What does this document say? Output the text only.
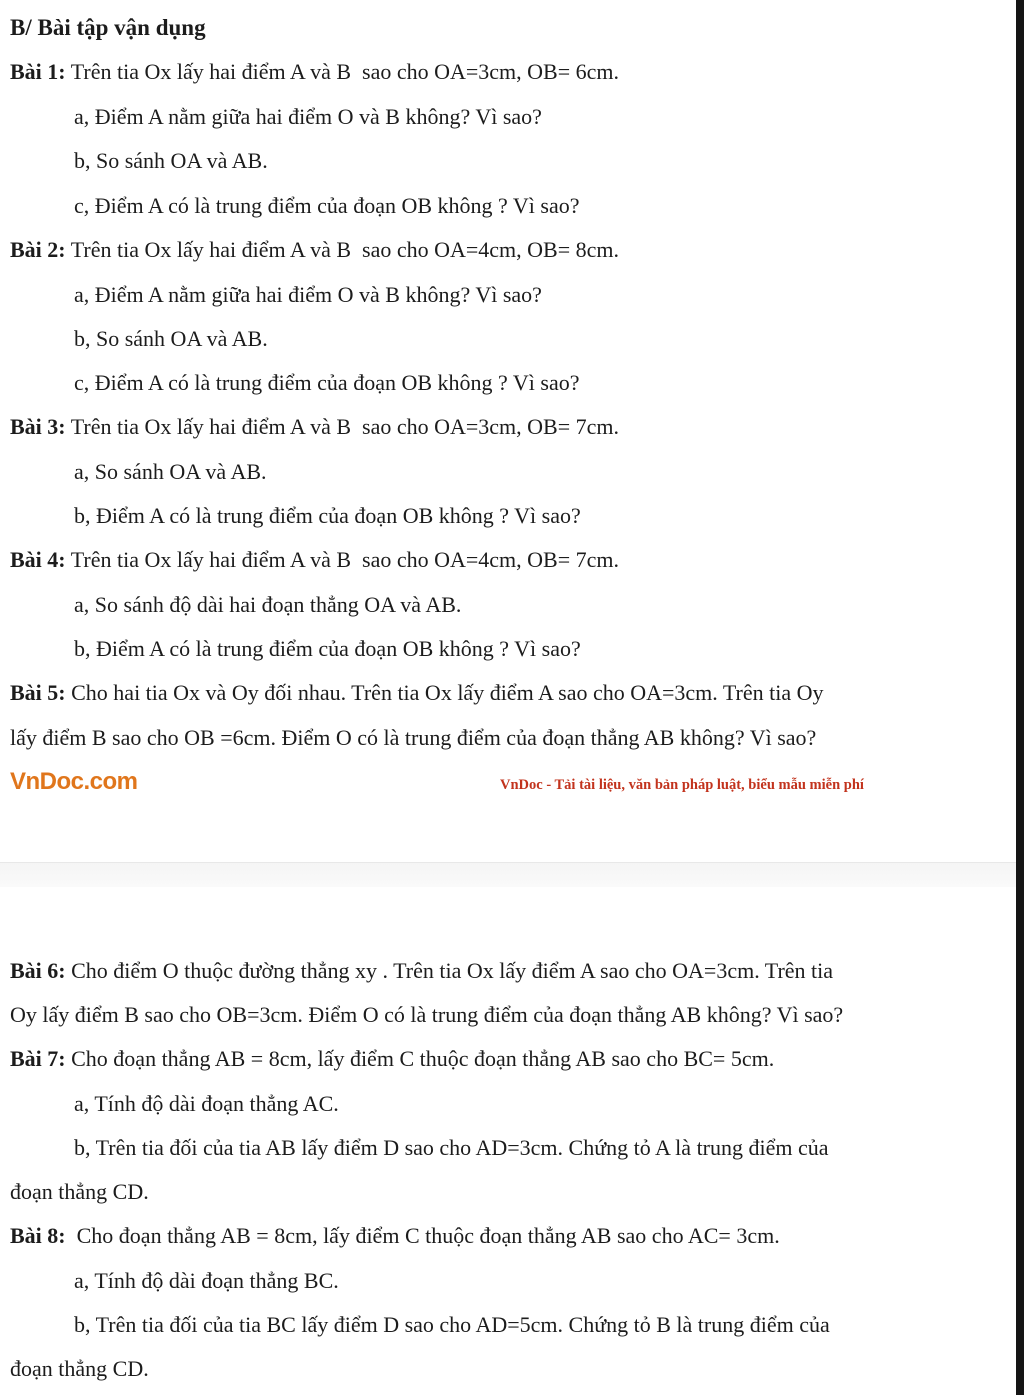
B/ Bài tập vận dụng
Bài 1: Trên tia Ox lấy hai điểm A và B  sao cho OA=3cm, OB= 6cm.
a, Điểm A nằm giữa hai điểm O và B không? Vì sao?
b, So sánh OA và AB.
c, Điểm A có là trung điểm của đoạn OB không ? Vì sao?
Bài 2: Trên tia Ox lấy hai điểm A và B  sao cho OA=4cm, OB= 8cm.
a, Điểm A nằm giữa hai điểm O và B không? Vì sao?
b, So sánh OA và AB.
c, Điểm A có là trung điểm của đoạn OB không ? Vì sao?
Bài 3: Trên tia Ox lấy hai điểm A và B  sao cho OA=3cm, OB= 7cm.
a, So sánh OA và AB.
b, Điểm A có là trung điểm của đoạn OB không ? Vì sao?
Bài 4: Trên tia Ox lấy hai điểm A và B  sao cho OA=4cm, OB= 7cm.
a, So sánh độ dài hai đoạn thẳng OA và AB.
b, Điểm A có là trung điểm của đoạn OB không ? Vì sao?
Bài 5: Cho hai tia Ox và Oy đối nhau. Trên tia Ox lấy điểm A sao cho OA=3cm. Trên tia Oy
lấy điểm B sao cho OB =6cm. Điểm O có là trung điểm của đoạn thẳng AB không? Vì sao?
VnDoc.com	VnDoc - Tải tài liệu, văn bản pháp luật, biểu mẫu miễn phí
Bài 6: Cho điểm O thuộc đường thẳng xy . Trên tia Ox lấy điểm A sao cho OA=3cm. Trên tia
Oy lấy điểm B sao cho OB=3cm. Điểm O có là trung điểm của đoạn thẳng AB không? Vì sao?
Bài 7: Cho đoạn thẳng AB = 8cm, lấy điểm C thuộc đoạn thẳng AB sao cho BC= 5cm.
a, Tính độ dài đoạn thẳng AC.
b, Trên tia đối của tia AB lấy điểm D sao cho AD=3cm. Chứng tỏ A là trung điểm của
đoạn thẳng CD.
Bài 8:  Cho đoạn thẳng AB = 8cm, lấy điểm C thuộc đoạn thẳng AB sao cho AC= 3cm.
a, Tính độ dài đoạn thẳng BC.
b, Trên tia đối của tia BC lấy điểm D sao cho AD=5cm. Chứng tỏ B là trung điểm của
đoạn thẳng CD.
